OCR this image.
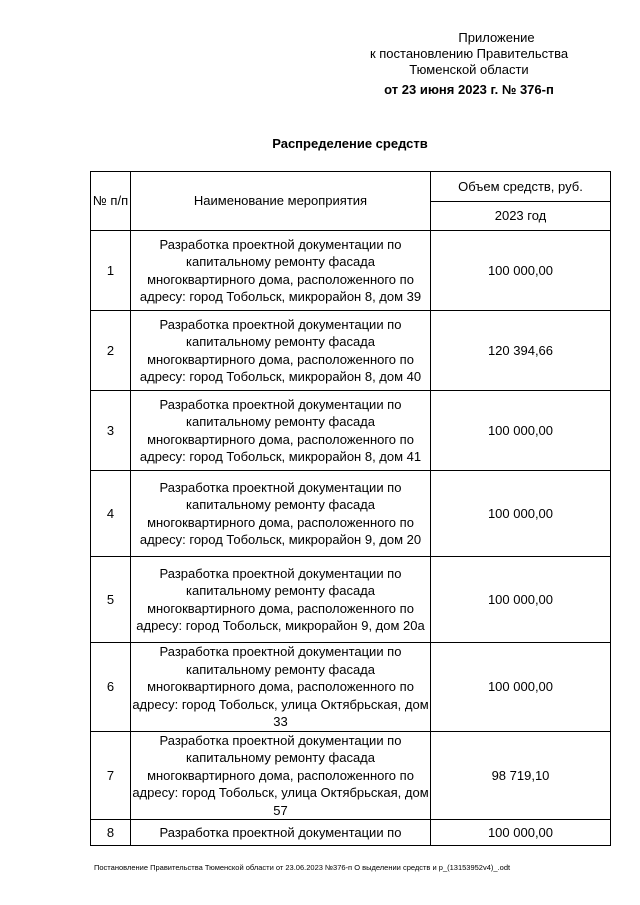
Приложение
к постановлению Правительства
Тюменской области
от 23 июня 2023 г. № 376-п
Распределение средств
№ п/п	Наименование мероприятия	Объем средств, руб.
		2023 год
1	Разработка проектной документации по капитальному ремонту фасада многоквартирного дома, расположенного по адресу: город Тобольск, микрорайон 8, дом 39	100 000,00
2	Разработка проектной документации по капитальному ремонту фасада многоквартирного дома, расположенного по адресу: город Тобольск, микрорайон 8, дом 40	120 394,66
3	Разработка проектной документации по капитальному ремонту фасада многоквартирного дома, расположенного по адресу: город Тобольск, микрорайон 8, дом 41	100 000,00
4	Разработка проектной документации по капитальному ремонту фасада многоквартирного дома, расположенного по адресу: город Тобольск, микрорайон 9, дом 20	100 000,00
5	Разработка проектной документации по капитальному ремонту фасада многоквартирного дома, расположенного по адресу: город Тобольск, микрорайон 9, дом 20а	100 000,00
6	Разработка проектной документации по капитальному ремонту фасада многоквартирного дома, расположенного по адресу: город Тобольск, улица Октябрьская, дом 33	100 000,00
7	Разработка проектной документации по капитальному ремонту фасада многоквартирного дома, расположенного по адресу: город Тобольск, улица Октябрьская, дом 57	98 719,10
8	Разработка проектной документации по	100 000,00
Постановление Правительства Тюменской области от 23.06.2023 №376-п О выделении средств и р_(13153952v4)_.odt
